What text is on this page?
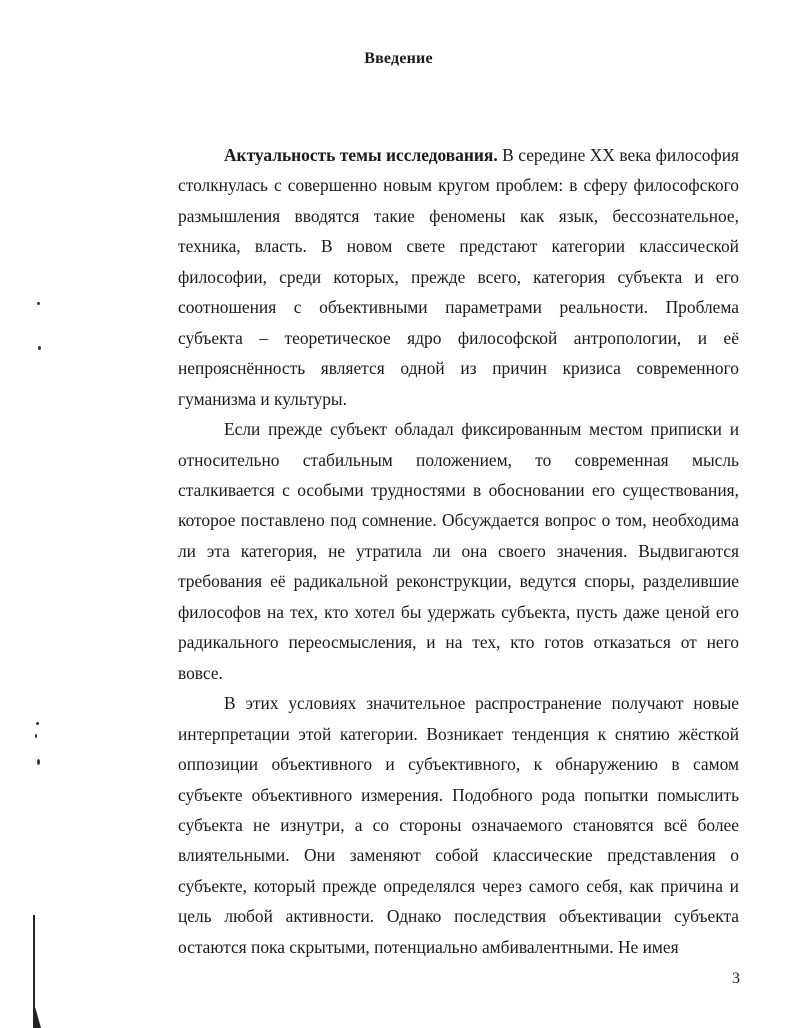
Введение

Актуальность темы исследования. В середине XX века философия столкнулась с совершенно новым кругом проблем: в сферу философского размышления вводятся такие феномены как язык, бессознательное, техника, власть. В новом свете предстают категории классической философии, среди которых, прежде всего, категория субъекта и его соотношения с объективными параметрами реальности. Проблема субъекта – теоретическое ядро философской антропологии, и её непрояснённость является одной из причин кризиса современного гуманизма и культуры.

Если прежде субъект обладал фиксированным местом приписки и относительно стабильным положением, то современная мысль сталкивается с особыми трудностями в обосновании его существования, которое поставлено под сомнение. Обсуждается вопрос о том, необходима ли эта категория, не утратила ли она своего значения. Выдвигаются требования её радикальной реконструкции, ведутся споры, разделившие философов на тех, кто хотел бы удержать субъекта, пусть даже ценой его радикального переосмысления, и на тех, кто готов отказаться от него вовсе.

В этих условиях значительное распространение получают новые интерпретации этой категории. Возникает тенденция к снятию жёсткой оппозиции объективного и субъективного, к обнаружению в самом субъекте объективного измерения. Подобного рода попытки помыслить субъекта не изнутри, а со стороны означаемого становятся всё более влиятельными. Они заменяют собой классические представления о субъекте, который прежде определялся через самого себя, как причина и цель любой активности. Однако последствия объективации субъекта остаются пока скрытыми, потенциально амбивалентными. Не имея

3
